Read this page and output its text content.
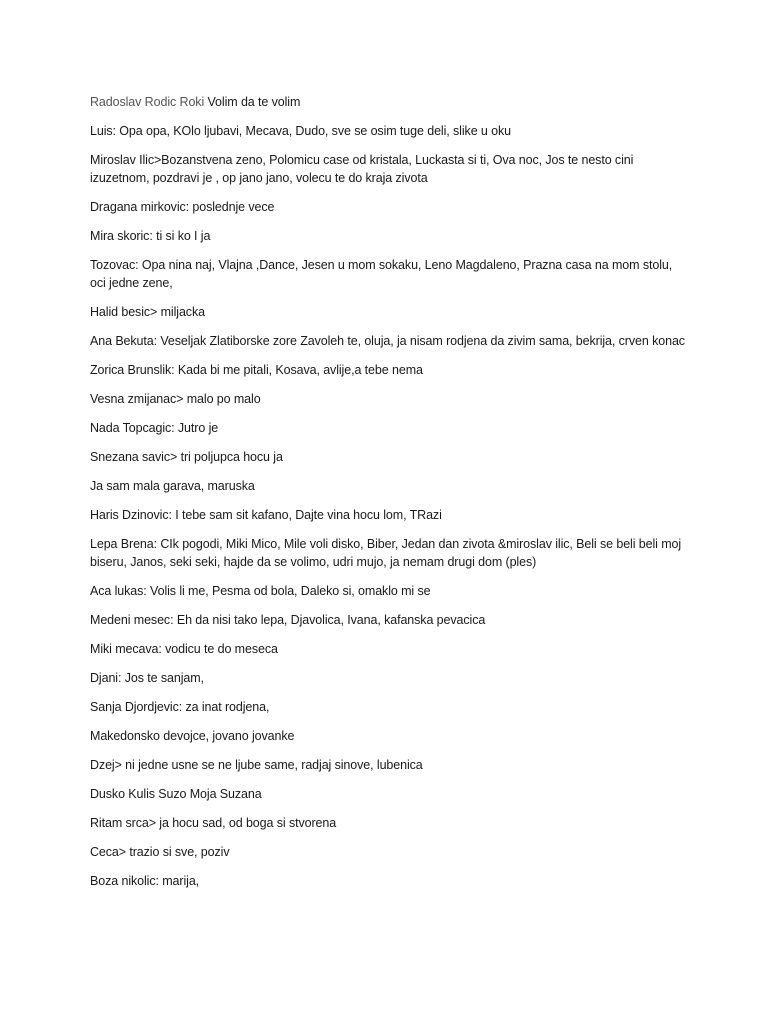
Radoslav Rodic Roki Volim da te volim

Luis: Opa opa, KOlo ljubavi, Mecava, Dudo, sve se osim tuge deli, slike u oku

Miroslav Ilic>Bozanstvena zeno, Polomicu case od kristala, Luckasta si ti, Ova noc, Jos te nesto cini izuzetnom, pozdravi je , op jano jano, volecu te do kraja zivota

Dragana mirkovic: poslednje vece

Mira skoric: ti si ko I ja

Tozovac: Opa nina naj, Vlajna ,Dance, Jesen u mom sokaku, Leno Magdaleno, Prazna casa na mom stolu, oci jedne zene,

Halid besic> miljacka

Ana Bekuta: Veseljak Zlatiborske zore Zavoleh te, oluja, ja nisam rodjena da zivim sama, bekrija, crven konac

Zorica Brunslik: Kada bi me pitali, Kosava, avlije,a tebe nema

Vesna zmijanac> malo po malo

Nada Topcagic: Jutro je

Snezana savic> tri poljupca hocu ja

Ja sam mala garava, maruska

Haris Dzinovic: I tebe sam sit kafano, Dajte vina hocu lom, TRazi

Lepa Brena: CIk pogodi, Miki Mico, Mile voli disko, Biber, Jedan dan zivota &miroslav ilic, Beli se beli beli moj biseru, Janos, seki seki, hajde da se volimo, udri mujo, ja nemam drugi dom (ples)

Aca lukas: Volis li me, Pesma od bola, Daleko si, omaklo mi se

Medeni mesec: Eh da nisi tako lepa, Djavolica, Ivana, kafanska pevacica

Miki mecava: vodicu te do meseca

Djani: Jos te sanjam,

Sanja Djordjevic: za inat rodjena,

Makedonsko devojce, jovano jovanke

Dzej> ni jedne usne se ne ljube same, radjaj sinove, lubenica

Dusko Kulis Suzo Moja Suzana

Ritam srca> ja hocu sad, od boga si stvorena

Ceca> trazio si sve, poziv

Boza nikolic: marija,
